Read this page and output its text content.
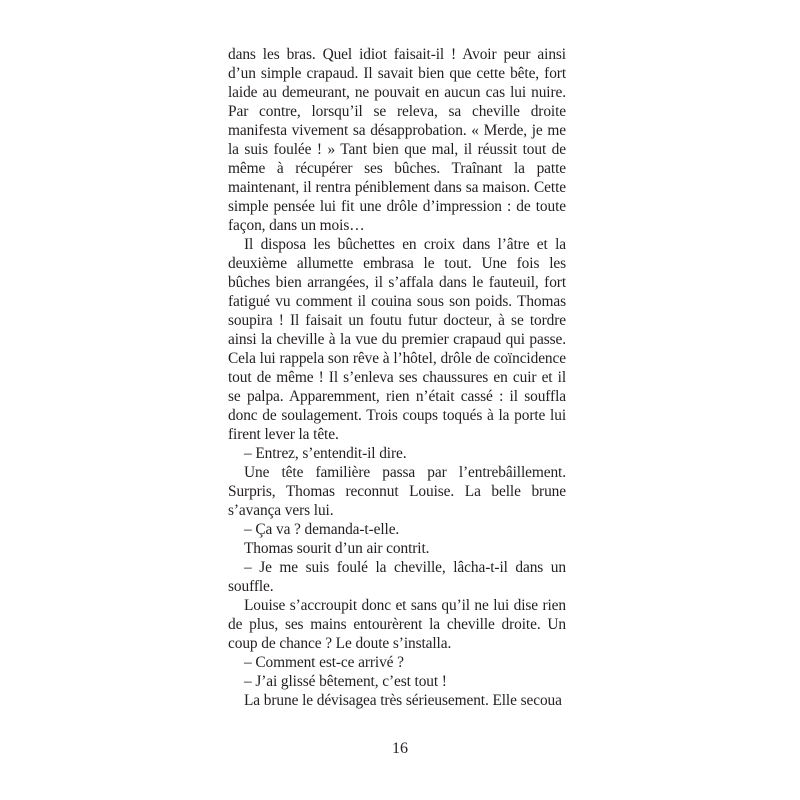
dans les bras. Quel idiot faisait-il ! Avoir peur ainsi d’un simple crapaud. Il savait bien que cette bête, fort laide au demeurant, ne pouvait en aucun cas lui nuire. Par contre, lorsqu’il se releva, sa cheville droite manifesta vivement sa désapprobation. « Merde, je me la suis foulée ! » Tant bien que mal, il réussit tout de même à récupérer ses bûches. Traînant la patte maintenant, il rentra péniblement dans sa maison. Cette simple pensée lui fit une drôle d’impression : de toute façon, dans un mois…

Il disposa les bûchettes en croix dans l’âtre et la deuxième allumette embrasa le tout. Une fois les bûches bien arrangées, il s’affala dans le fauteuil, fort fatigué vu comment il couina sous son poids. Thomas soupira ! Il faisait un foutu futur docteur, à se tordre ainsi la cheville à la vue du premier crapaud qui passe. Cela lui rappela son rêve à l’hôtel, drôle de coïncidence tout de même ! Il s’enleva ses chaussures en cuir et il se palpa. Apparemment, rien n’était cassé : il souffla donc de soulagement. Trois coups toqués à la porte lui firent lever la tête.

– Entrez, s’entendit-il dire.

Une tête familière passa par l’entrebâillement. Surpris, Thomas reconnut Louise. La belle brune s’avança vers lui.

– Ça va ? demanda-t-elle.

Thomas sourit d’un air contrit.

– Je me suis foulé la cheville, lâcha-t-il dans un souffle.

Louise s’accroupit donc et sans qu’il ne lui dise rien de plus, ses mains entourèrent la cheville droite. Un coup de chance ? Le doute s’installa.

– Comment est-ce arrivé ?

– J’ai glissé bêtement, c’est tout !

La brune le dévisagea très sérieusement. Elle secoua

16
